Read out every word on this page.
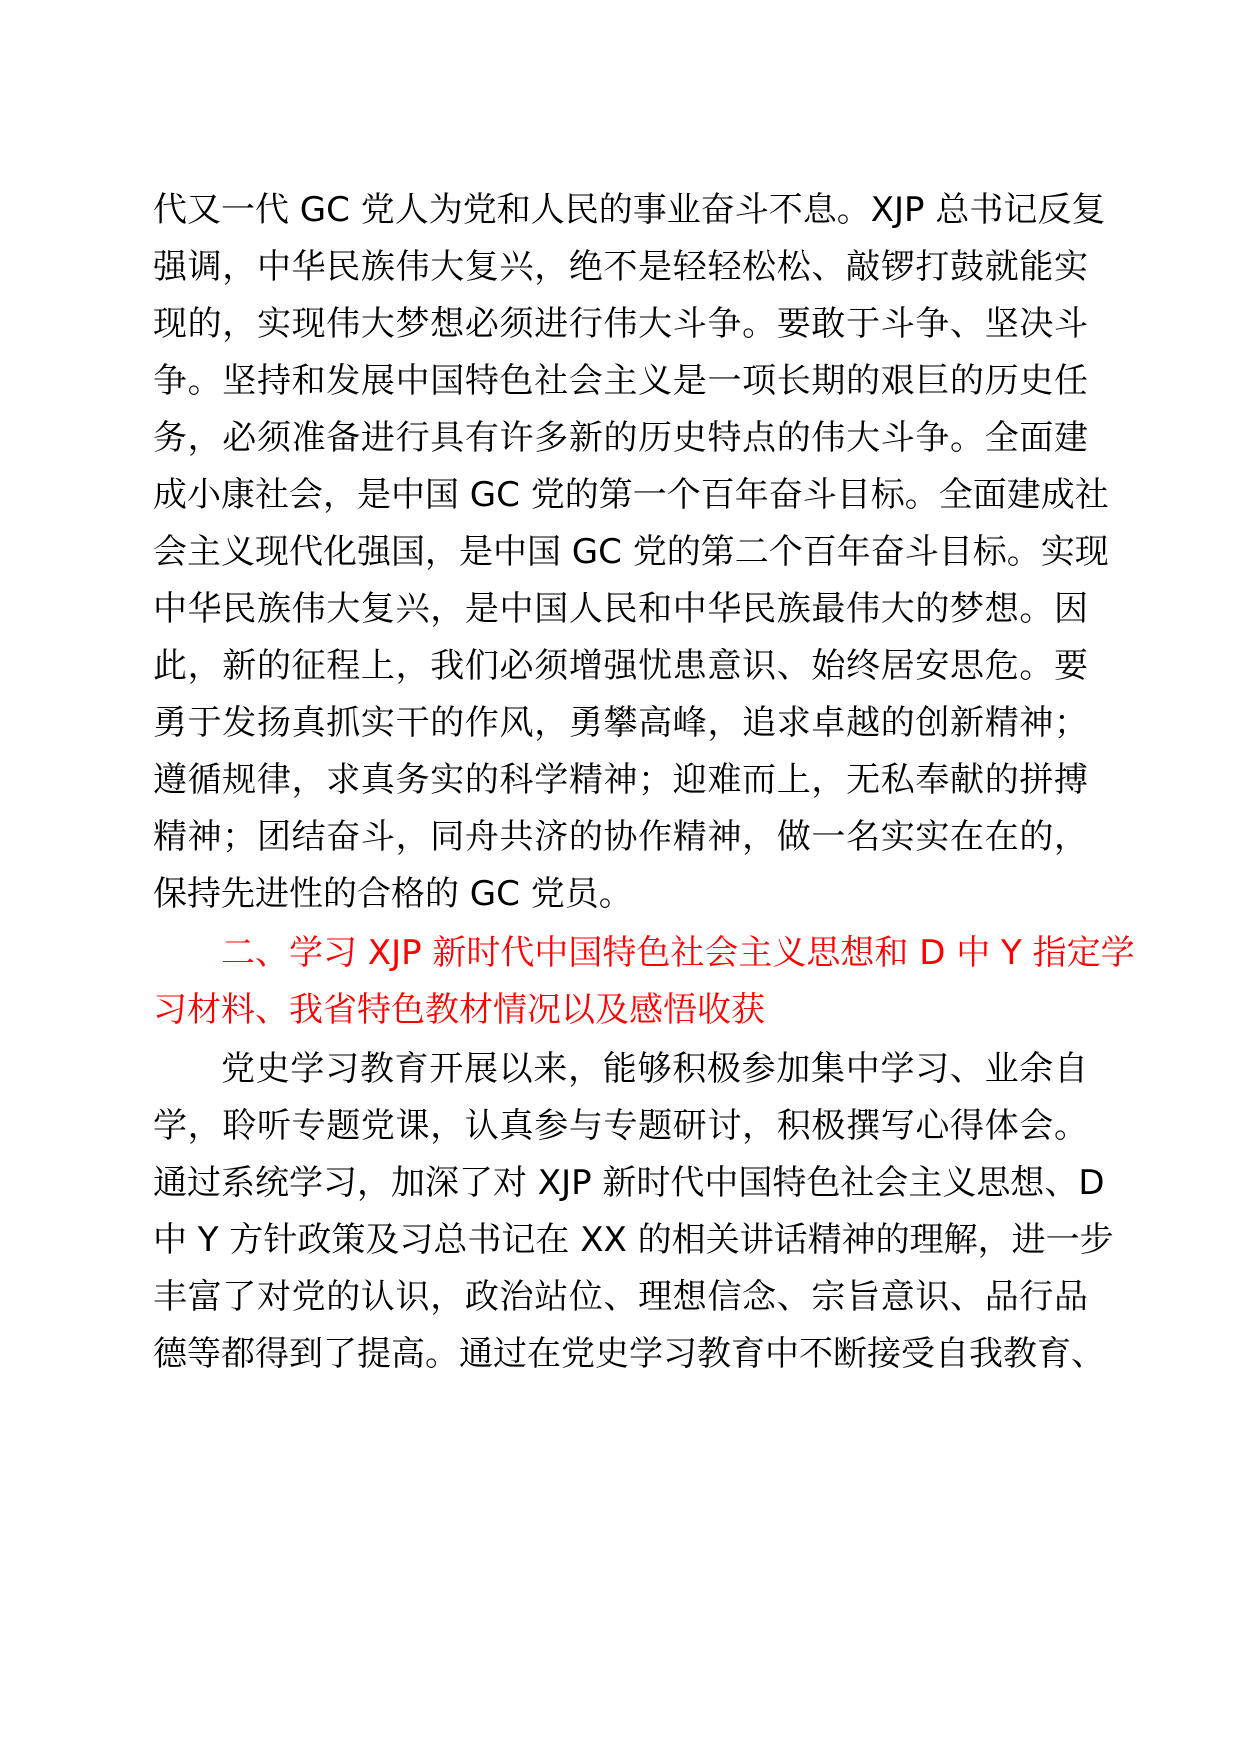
代又一代 GC 党人为党和人民的事业奋斗不息。XJP 总书记反复
强调，中华民族伟大复兴，绝不是轻轻松松、敲锣打鼓就能实
现的，实现伟大梦想必须进行伟大斗争。要敢于斗争、坚决斗
争。坚持和发展中国特色社会主义是一项长期的艰巨的历史任
务，必须准备进行具有许多新的历史特点的伟大斗争。全面建
成小康社会，是中国 GC 党的第一个百年奋斗目标。全面建成社
会主义现代化强国，是中国 GC 党的第二个百年奋斗目标。实现
中华民族伟大复兴，是中国人民和中华民族最伟大的梦想。因
此，新的征程上，我们必须增强忧患意识、始终居安思危。要
勇于发扬真抓实干的作风，勇攀高峰，追求卓越的创新精神；
遵循规律，求真务实的科学精神；迎难而上，无私奉献的拼搏
精神；团结奋斗，同舟共济的协作精神，做一名实实在在的，
保持先进性的合格的 GC 党员。
二、学习 XJP 新时代中国特色社会主义思想和 D 中 Y 指定学
习材料、我省特色教材情况以及感悟收获
党史学习教育开展以来，能够积极参加集中学习、业余自
学，聆听专题党课，认真参与专题研讨，积极撰写心得体会。
通过系统学习，加深了对 XJP 新时代中国特色社会主义思想、D
中 Y 方针政策及习总书记在 XX 的相关讲话精神的理解，进一步
丰富了对党的认识，政治站位、理想信念、宗旨意识、品行品
德等都得到了提高。通过在党史学习教育中不断接受自我教育、
